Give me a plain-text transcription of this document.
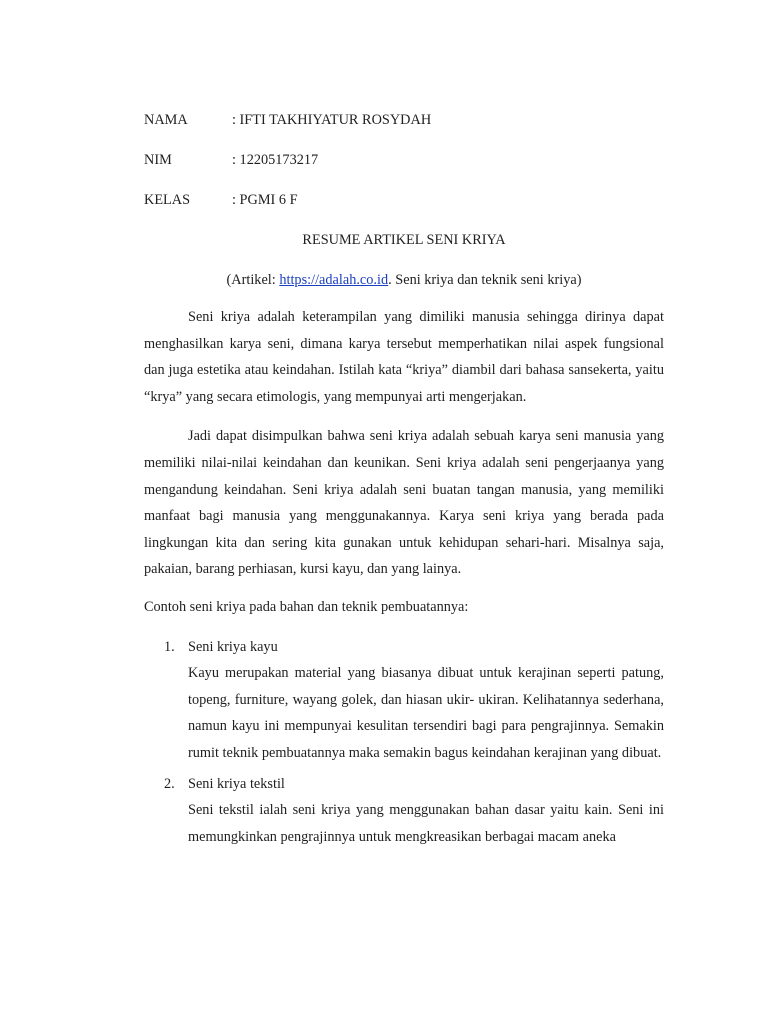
NAMA	: IFTI TAKHIYATUR ROSYDAH
NIM	: 12205173217
KELAS	: PGMI 6 F
RESUME ARTIKEL SENI KRIYA
(Artikel: https://adalah.co.id. Seni kriya dan teknik seni kriya)

Seni kriya adalah keterampilan yang dimiliki manusia sehingga dirinya dapat menghasilkan karya seni, dimana karya tersebut memperhatikan nilai aspek fungsional dan juga estetika atau keindahan. Istilah kata “kriya” diambil dari bahasa sansekerta, yaitu “krya” yang secara etimologis, yang mempunyai arti mengerjakan.

Jadi dapat disimpulkan bahwa seni kriya adalah sebuah karya seni manusia yang memiliki nilai-nilai keindahan dan keunikan. Seni kriya adalah seni pengerjaanya yang mengandung keindahan. Seni kriya adalah seni buatan tangan manusia, yang memiliki manfaat bagi manusia yang menggunakannya. Karya seni kriya yang berada pada lingkungan kita dan sering kita gunakan untuk kehidupan sehari-hari. Misalnya saja, pakaian, barang perhiasan, kursi kayu, dan yang lainya.

Contoh seni kriya pada bahan dan teknik pembuatannya:

1. Seni kriya kayu
Kayu merupakan material yang biasanya dibuat untuk kerajinan seperti patung, topeng, furniture, wayang golek, dan hiasan ukir- ukiran. Kelihatannya sederhana, namun kayu ini mempunyai kesulitan tersendiri bagi para pengrajinnya. Semakin rumit teknik pembuatannya maka semakin bagus keindahan kerajinan yang dibuat.
2. Seni kriya tekstil
Seni tekstil ialah seni kriya yang menggunakan bahan dasar yaitu kain. Seni ini memungkinkan pengrajinnya untuk mengkreasikan berbagai macam aneka
